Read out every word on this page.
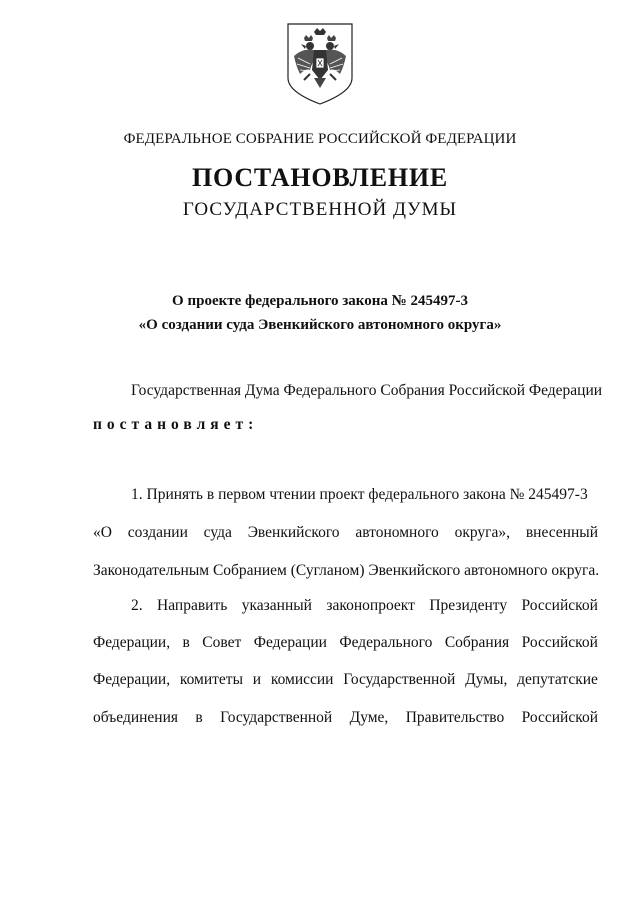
ФЕДЕРАЛЬНОЕ СОБРАНИЕ РОССИЙСКОЙ ФЕДЕРАЦИИ
ПОСТАНОВЛЕНИЕ
ГОСУДАРСТВЕННОЙ ДУМЫ
О проекте федерального закона № 245497-3
«О создании суда Эвенкийского автономного округа»
Государственная Дума Федерального Собрания Российской Федерации
постановляет:
1. Принять в первом чтении проект федерального закона № 245497-3
«О создании суда Эвенкийского автономного округа», внесенный
Законодательным Собранием (Сугланом) Эвенкийского автономного округа.
2. Направить указанный законопроект Президенту Российской
Федерации, в Совет Федерации Федерального Собрания Российской
Федерации, комитеты и комиссии Государственной Думы, депутатские
объединения в Государственной Думе, Правительство Российской
